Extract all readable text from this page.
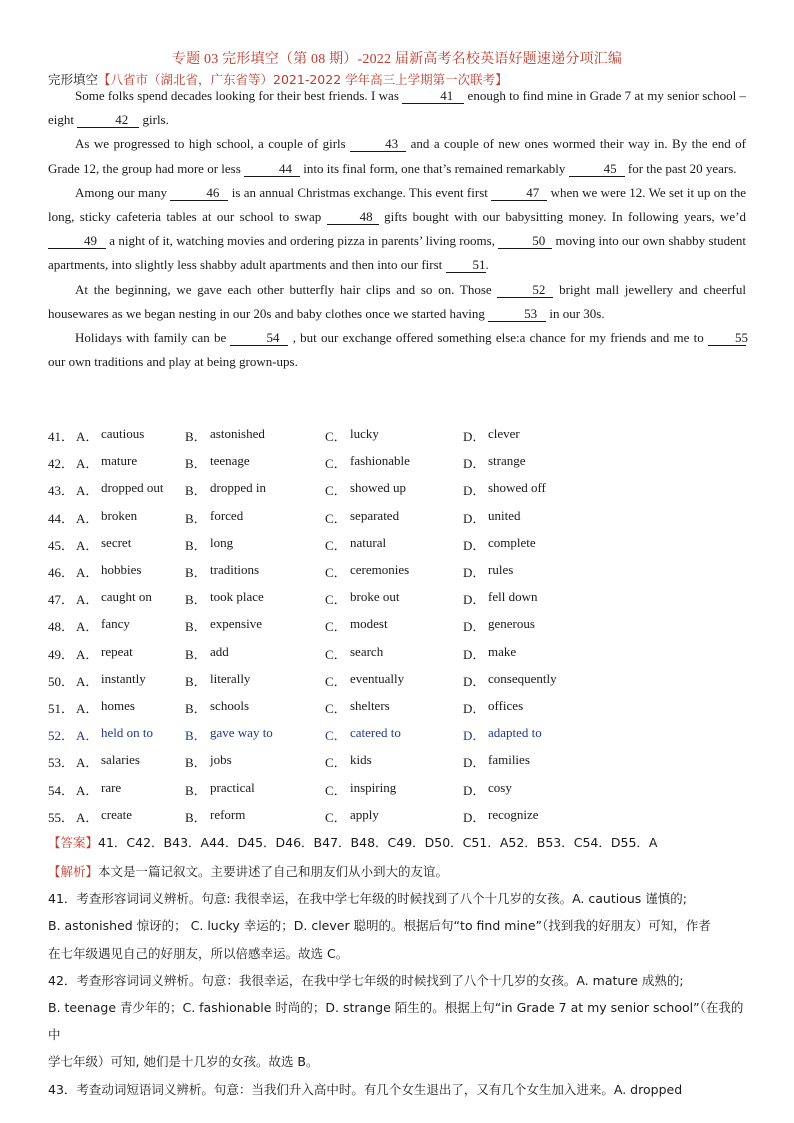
专题 03 完形填空（第 08 期）-2022 届新高考名校英语好题速递分项汇编
完形填空【八省市（湖北省，广东省等）2021-2022 学年高三上学期第一次联考】

Some folks spend decades looking for their best friends. I was	41 enough to find mine in Grade 7 at my senior school –eight	42 girls.

As we progressed to high school, a couple of girls	43 and a couple of new ones wormed their way in. By the end of Grade 12, the group had more or less	44 into its final form, one that’s remained remarkably	45 for the past 20 years.

Among our many	46 is an annual Christmas exchange. This event first	47 when we were 12. We set it up on the long, sticky cafeteria tables at our school to swap	48 gifts bought with our babysitting money. In following years, we’d 49 a night of it, watching movies and ordering pizza in parents’ living rooms,	50 moving into our own shabby student apartments, into slightly less shabby adult apartments and then into our first 51.

At the beginning, we gave each other butterfly hair clips and so on. Those	52 bright mall jewellery and cheerful housewares as we began nesting in our 20s and baby clothes once we started having	53 in our 30s.

Holidays with family can be	54 , but our exchange offered something else:a chance for my friends and me to 55 our own traditions and play at being grown-ups.

41． A． cautious	B． astonished	C． lucky	D． clever
42． A． mature	B． teenage	C． fashionable	D． strange
43． A． dropped out B． dropped in	C． showed up	D． showed off
44． A． broken	B． forced	C． separated	D． united
45． A． secret	B． long	C． natural	D． complete
46． A． hobbies	B． traditions	C． ceremonies	D． rules
47． A． caught on	B． took place	C． broke out	D． fell down
48． A． fancy	B． expensive	C． modest	D． generous
49． A． repeat	B． add	C． search	D． make
50． A． instantly	B． literally	C． eventually	D． consequently
51． A． homes	B． schools	C． shelters	D． offices
52． A． held on to B． gave way to	C． catered to	D． adapted to
53． A． salaries	B． jobs	C． kids	D． families
54． A． rare	B． practical	C． inspiring	D． cosy
55． A． create	B． reform	C． apply	D． recognize
【答案】41．C42．B43．A44．D45．D46．B47．B48．C49．D50．C51．A52．B53．C54．D55．A

【解析】本文是一篇记叙文。主要讲述了自己和朋友们从小到大的友谊。

41．考查形容词词义辨析。句意: 我很幸运，在我中学七年级的时候找到了八个十几岁的女孩。A. cautious 谨慎的;

B. astonished 惊讶的； C. lucky 幸运的；D. clever 聪明的。根据后句“to find mine”（找到我的好朋友）可知，作者

在七年级遇见自己的好朋友，所以倍感幸运。故选 C。

42．考查形容词词义辨析。句意：我很幸运，在我中学七年级的时候找到了八个十几岁的女孩。A. mature 成熟的;

B. teenage 青少年的；C. fashionable 时尚的；D. strange 陌生的。根据上句“in Grade 7 at my senior school”（在我的中

学七年级）可知, 她们是十几岁的女孩。故选 B。

43．考查动词短语词义辨析。句意：当我们升入高中时。有几个女生退出了，又有几个女生加入进来。A. dropped
